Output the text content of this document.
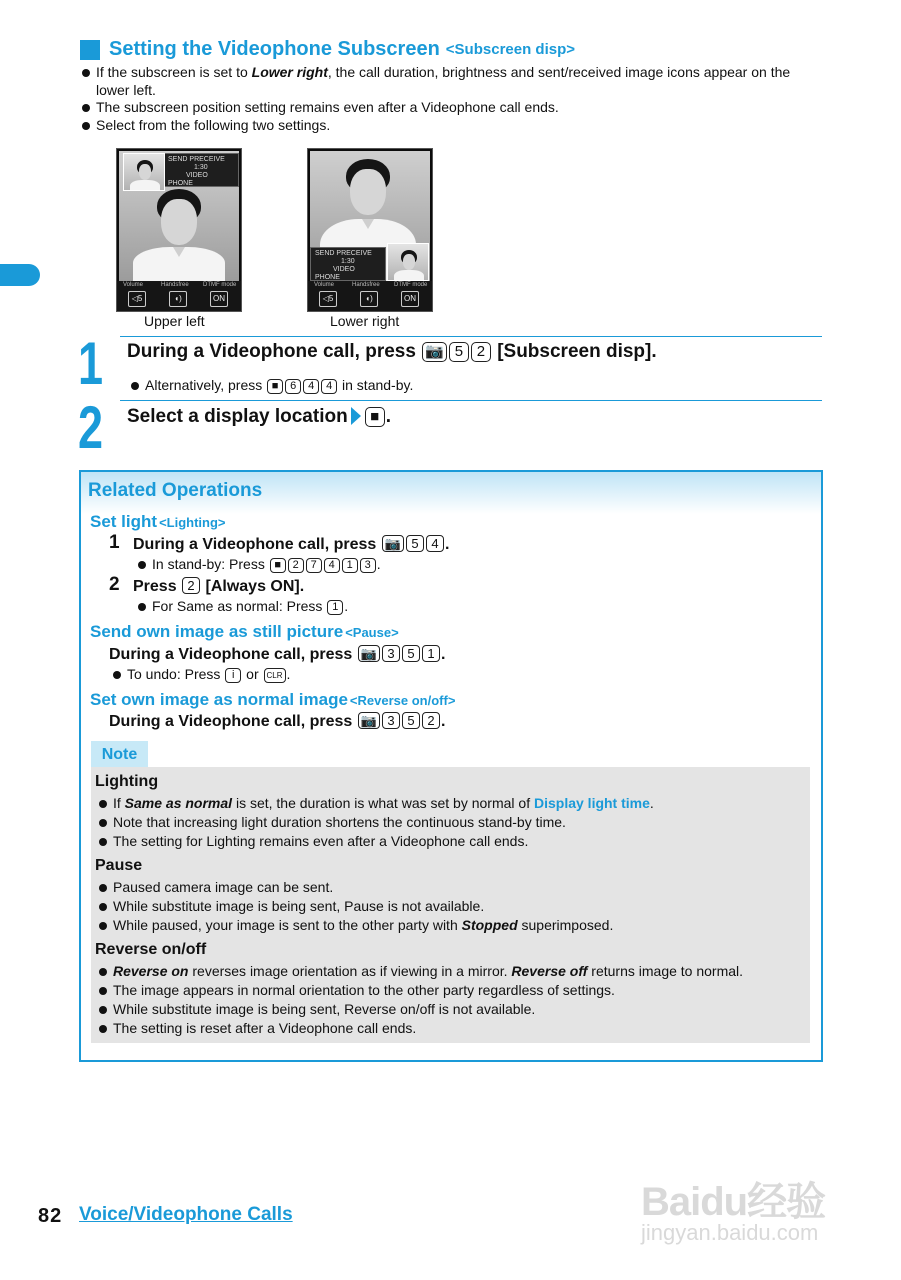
Setting the Videophone Subscreen <Subscreen disp>
If the subscreen is set to Lower right, the call duration, brightness and sent/received image icons appear on the lower left.
The subscreen position setting remains even after a Videophone call ends.
Select from the following two settings.
SEND PRECEIVE
1:30
VIDEO PHONE
Volume	Handsfree DTMF mode
◁5	◖)	ON
Upper left
SEND PRECEIVE
1:30
VIDEO PHONE
Volume	Handsfree DTMF mode
◁5	◖)	ON
Lower right
1 During a Videophone call, press 📷 5 2 [Subscreen disp].
Alternatively, press ■ 6 4 4 in stand-by.
2 Select a display location ■ .
Related Operations
Set light <Lighting>
1 During a Videophone call, press 📷 5 4 .
In stand-by: Press ■ 2 7 4 1 3 .
2 Press 2 [Always ON].
For Same as normal: Press 1 .
Send own image as still picture <Pause>
During a Videophone call, press 📷 3 5 1 .
To undo: Press i or CLR .
Set own image as normal image <Reverse on/off>
During a Videophone call, press 📷 3 5 2 .
Note
Lighting
If Same as normal is set, the duration is what was set by normal of Display light time.
Note that increasing light duration shortens the continuous stand-by time.
The setting for Lighting remains even after a Videophone call ends.
Pause
Paused camera image can be sent.
While substitute image is being sent, Pause is not available.
While paused, your image is sent to the other party with Stopped superimposed.
Reverse on/off
Reverse on reverses image orientation as if viewing in a mirror. Reverse off returns image to normal.
The image appears in normal orientation to the other party regardless of settings.
While substitute image is being sent, Reverse on/off is not available.
The setting is reset after a Videophone call ends.
82 Voice/Videophone Calls	Baidu经验
jingyan.baidu.com
